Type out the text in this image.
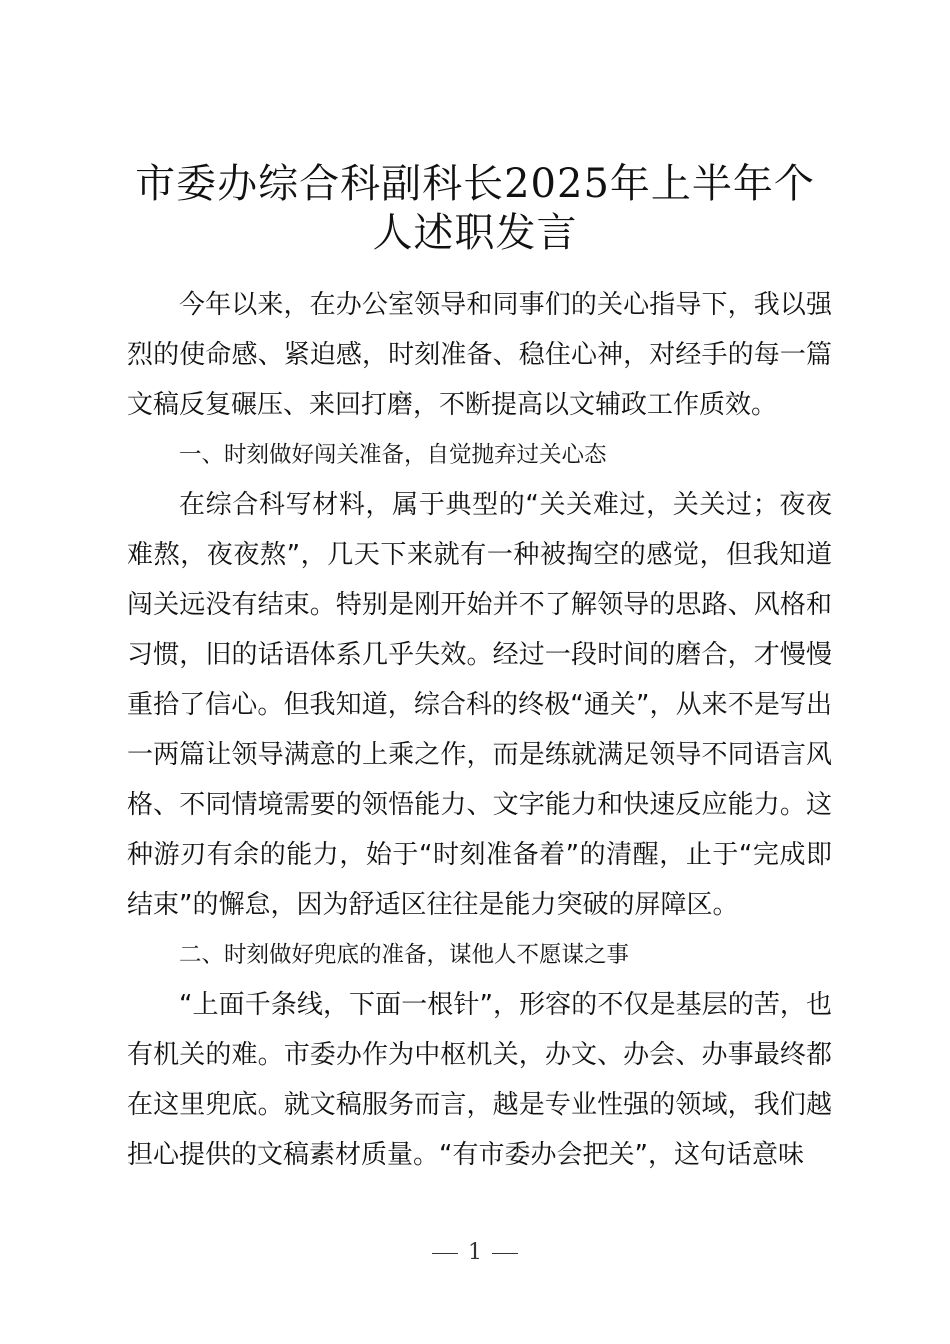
市委办综合科副科长2025年上半年个人述职发言

今年以来，在办公室领导和同事们的关心指导下，我以强烈的使命感、紧迫感，时刻准备、稳住心神，对经手的每一篇文稿反复碾压、来回打磨，不断提高以文辅政工作质效。

一、时刻做好闯关准备，自觉抛弃过关心态

在综合科写材料，属于典型的“关关难过，关关过；夜夜难熬，夜夜熬”，几天下来就有一种被掏空的感觉，但我知道闯关远没有结束。特别是刚开始并不了解领导的思路、风格和习惯，旧的话语体系几乎失效。经过一段时间的磨合，才慢慢重拾了信心。但我知道，综合科的终极“通关”，从来不是写出一两篇让领导满意的上乘之作，而是练就满足领导不同语言风格、不同情境需要的领悟能力、文字能力和快速反应能力。这种游刃有余的能力，始于“时刻准备着”的清醒，止于“完成即结束”的懈怠，因为舒适区往往是能力突破的屏障区。

二、时刻做好兜底的准备，谋他人不愿谋之事

“上面千条线，下面一根针”，形容的不仅是基层的苦，也有机关的难。市委办作为中枢机关，办文、办会、办事最终都在这里兜底。就文稿服务而言，越是专业性强的领域，我们越担心提供的文稿素材质量。“有市委办会把关”，这句话意味

1
